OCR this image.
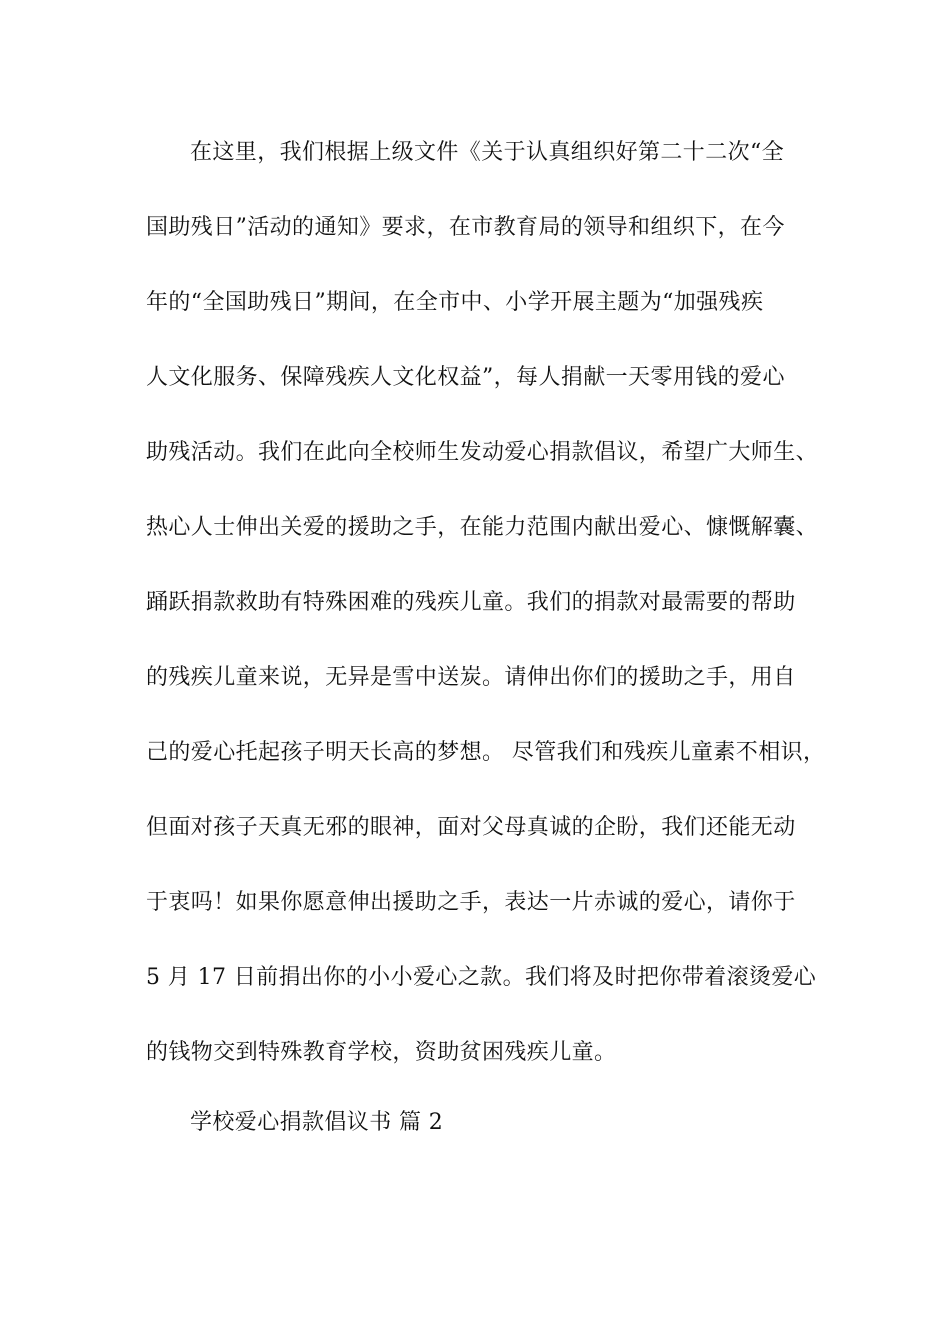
在这里，我们根据上级文件《关于认真组织好第二十二次“全
国助残日”活动的通知》要求，在市教育局的领导和组织下，在今
年的“全国助残日”期间，在全市中、小学开展主题为“加强残疾
人文化服务、保障残疾人文化权益”，每人捐献一天零用钱的爱心
助残活动。我们在此向全校师生发动爱心捐款倡议，希望广大师生、
热心人士伸出关爱的援助之手，在能力范围内献出爱心、慷慨解囊、
踊跃捐款救助有特殊困难的残疾儿童。我们的捐款对最需要的帮助
的残疾儿童来说，无异是雪中送炭。请伸出你们的援助之手，用自
己的爱心托起孩子明天长高的梦想。 尽管我们和残疾儿童素不相识，
但面对孩子天真无邪的眼神，面对父母真诚的企盼，我们还能无动
于衷吗！如果你愿意伸出援助之手，表达一片赤诚的爱心，请你于
5 月 17 日前捐出你的小小爱心之款。我们将及时把你带着滚烫爱心
的钱物交到特殊教育学校，资助贫困残疾儿童。
学校爱心捐款倡议书 篇 2
